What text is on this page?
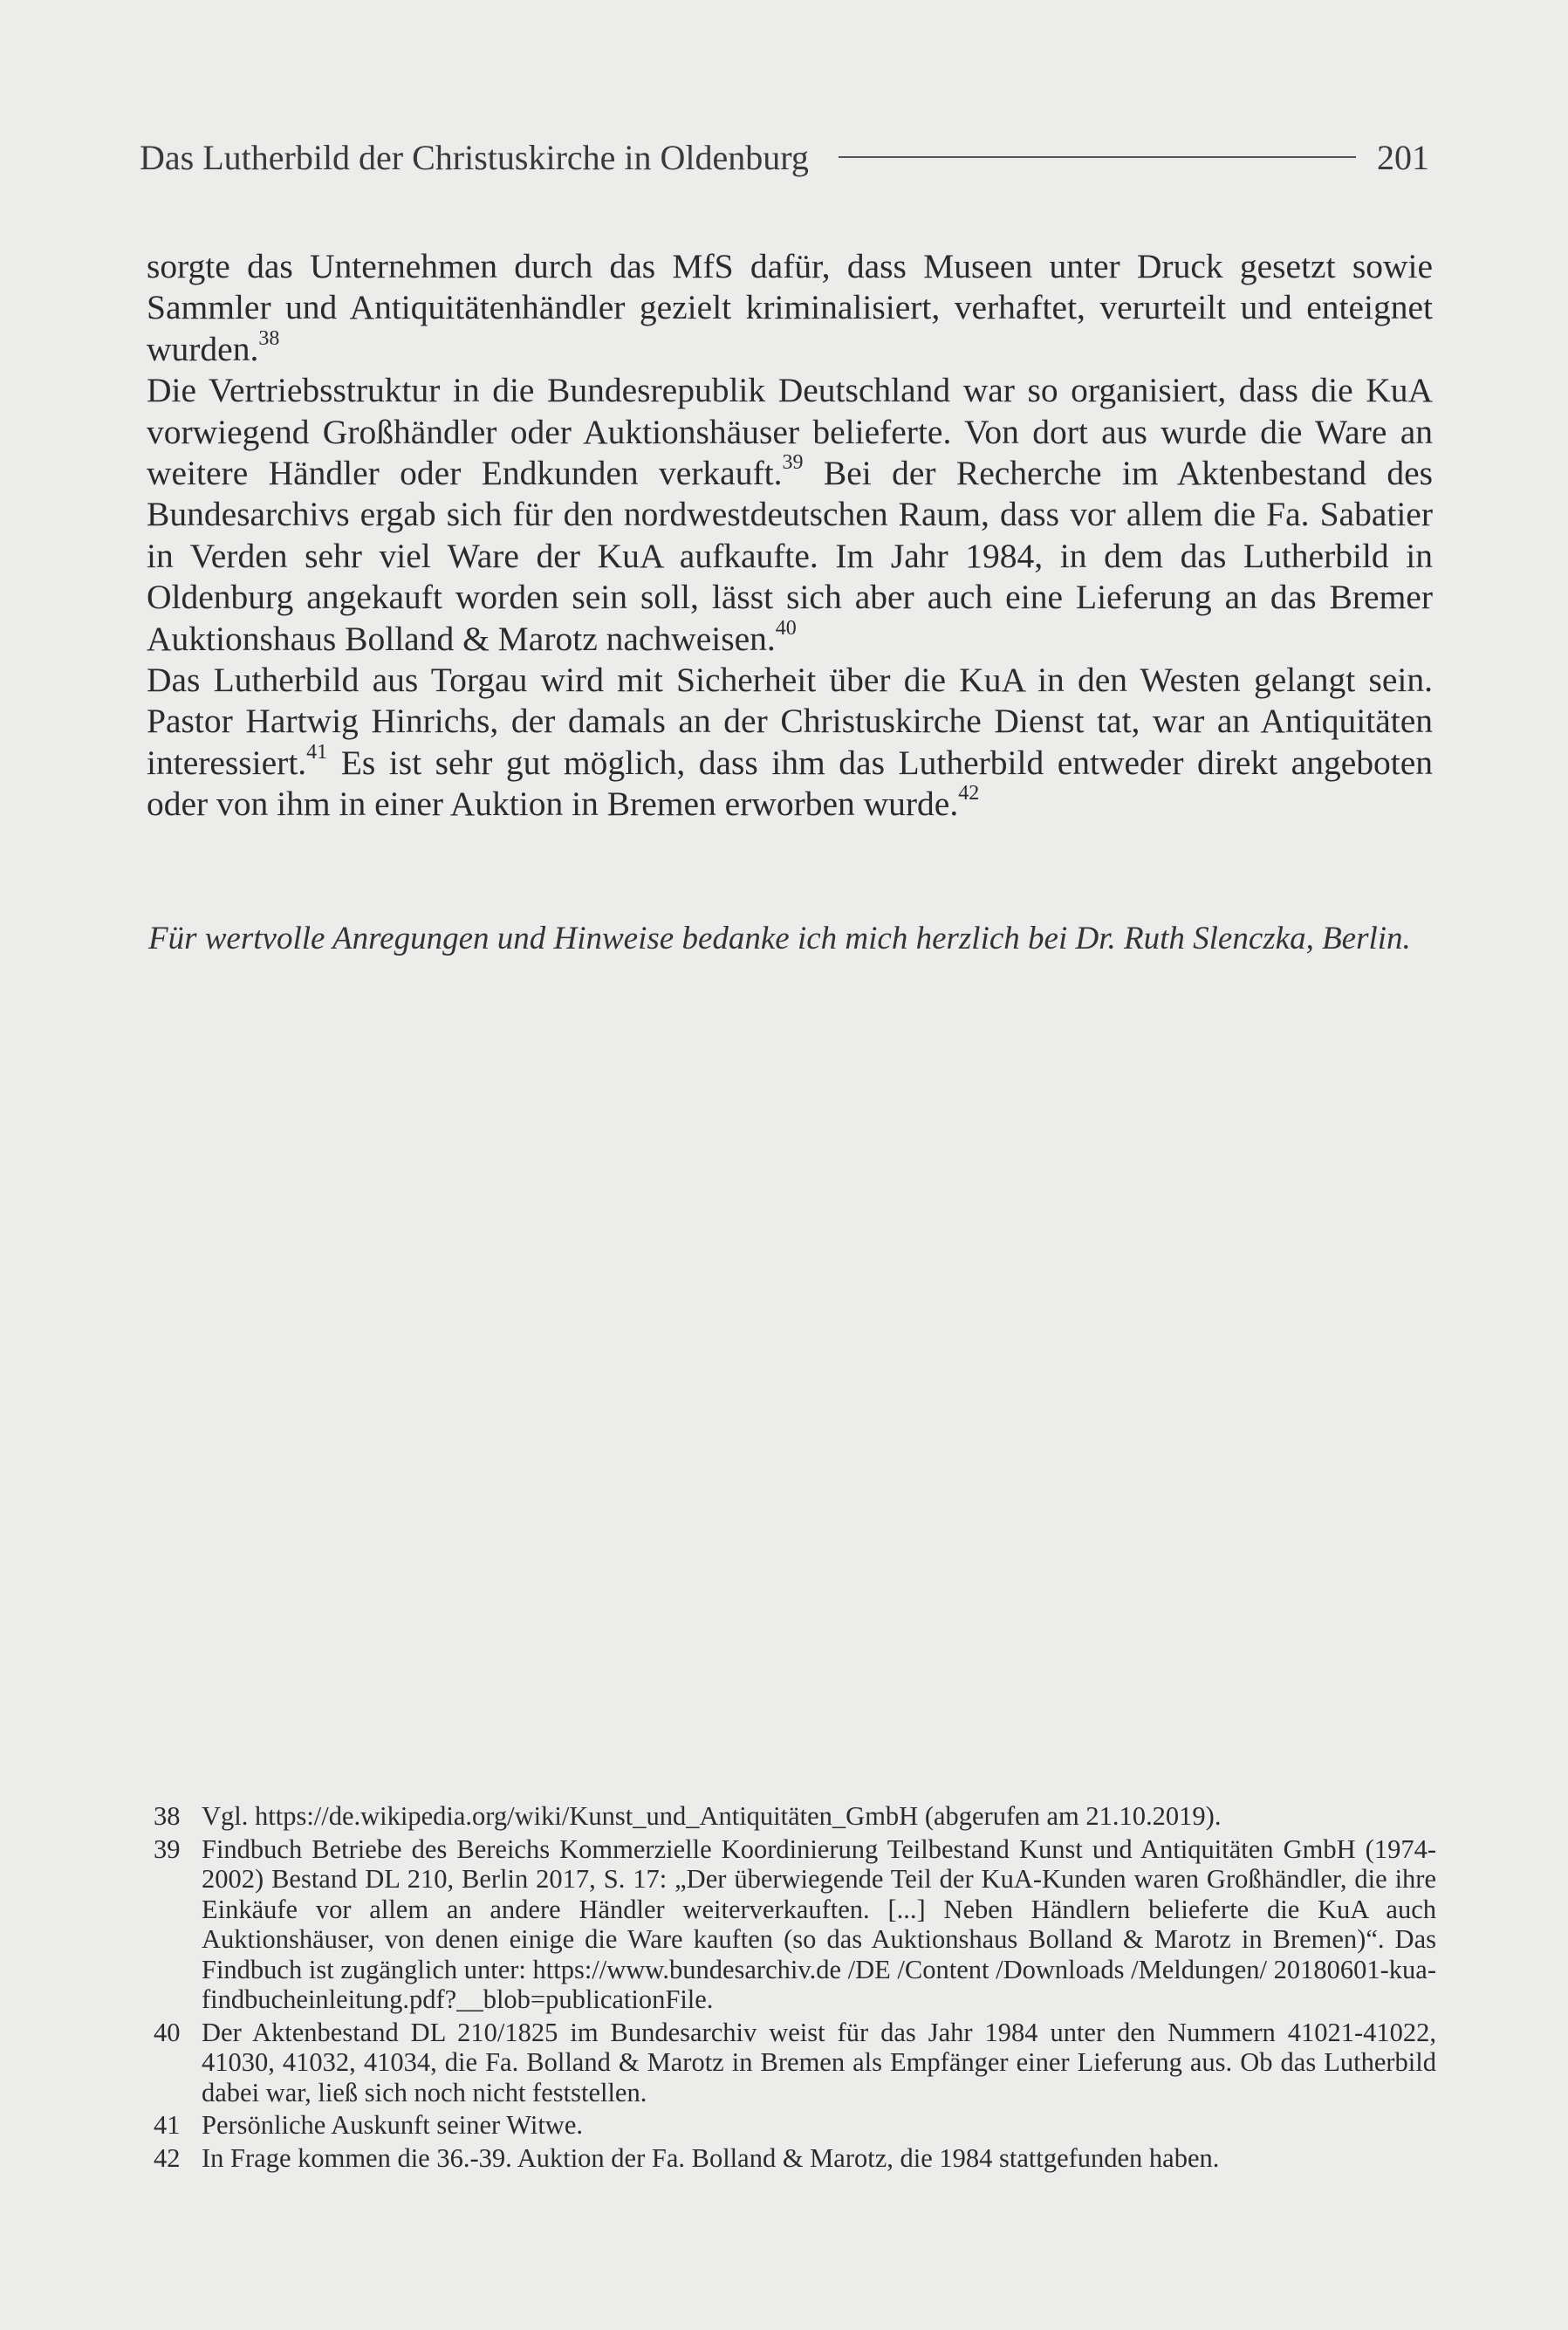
Das Lutherbild der Christuskirche in Oldenburg	201

sorgte das Unternehmen durch das MfS dafür, dass Museen unter Druck gesetzt sowie Sammler und Antiquitätenhändler gezielt kriminalisiert, verhaftet, verurteilt und enteignet wurden.$^{38}$

Die Vertriebsstruktur in die Bundesrepublik Deutschland war so organisiert, dass die KuA vorwiegend Großhändler oder Auktionshäuser belieferte. Von dort aus wurde die Ware an weitere Händler oder Endkunden verkauft.$^{39}$ Bei der Recherche im Aktenbestand des Bundesarchivs ergab sich für den nordwestdeutschen Raum, dass vor allem die Fa. Sabatier in Verden sehr viel Ware der KuA aufkaufte. Im Jahr 1984, in dem das Lutherbild in Oldenburg angekauft worden sein soll, lässt sich aber auch eine Lieferung an das Bremer Auktionshaus Bolland & Marotz nachweisen.$^{40}$

Das Lutherbild aus Torgau wird mit Sicherheit über die KuA in den Westen gelangt sein. Pastor Hartwig Hinrichs, der damals an der Christuskirche Dienst tat, war an Antiquitäten interessiert.$^{41}$ Es ist sehr gut möglich, dass ihm das Lutherbild entweder direkt angeboten oder von ihm in einer Auktion in Bremen erworben wurde.$^{42}$

Für wertvolle Anregungen und Hinweise bedanke ich mich herzlich bei Dr. Ruth Slenczka, Berlin.
38 Vgl. https://de.wikipedia.org/wiki/Kunst_und_Antiquitäten_GmbH (abgerufen am 21.10.2019).
39 Findbuch Betriebe des Bereichs Kommerzielle Koordinierung Teilbestand Kunst und Antiquitäten GmbH (1974-2002) Bestand DL 210, Berlin 2017, S. 17: „Der überwiegende Teil der KuA-Kunden waren Großhändler, die ihre Einkäufe vor allem an andere Händler weiterverkauften. [...] Neben Händlern belieferte die KuA auch Auktionshäuser, von denen einige die Ware kauften (so das Auktionshaus Bolland & Marotz in Bremen)“. Das Findbuch ist zugänglich unter: https://www.bundesarchiv.de /DE /Content /Downloads /Meldungen/ 20180601-kua-findbucheinleitung.pdf?__blob=publicationFile.
40 Der Aktenbestand DL 210/1825 im Bundesarchiv weist für das Jahr 1984 unter den Nummern 41021-41022, 41030, 41032, 41034, die Fa. Bolland & Marotz in Bremen als Empfänger einer Lieferung aus. Ob das Lutherbild dabei war, ließ sich noch nicht feststellen.
41 Persönliche Auskunft seiner Witwe.
42 In Frage kommen die 36.-39. Auktion der Fa. Bolland & Marotz, die 1984 stattgefunden haben.
